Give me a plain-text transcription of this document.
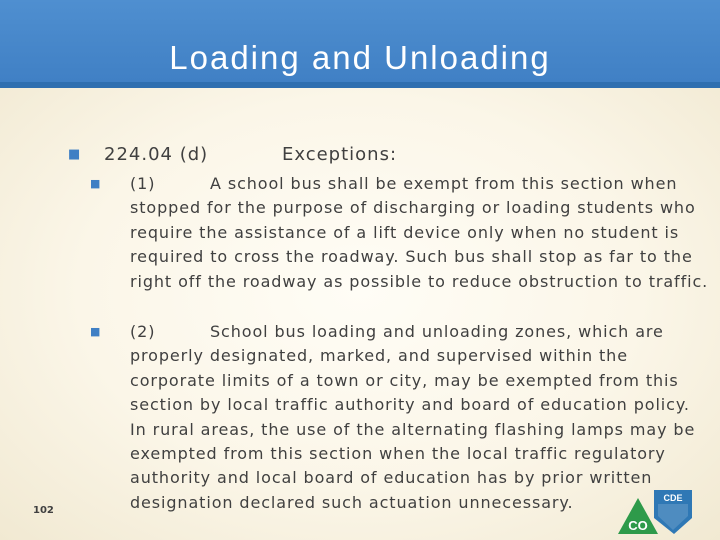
Loading and Unloading
■ 224.04 (d)	Exceptions:
■ (1)	A school bus shall be exempt from this section when stopped for the purpose of discharging or loading students who require the assistance of a lift device only when no student is required to cross the roadway. Such bus shall stop as far to the right off the roadway as possible to reduce obstruction to traffic.
■ (2)	School bus loading and unloading zones, which are properly designated, marked, and supervised within the corporate limits of a town or city, may be exempted from this section by local traffic authority and board of education policy. In rural areas, the use of the alternating flashing lamps may be exempted from this section when the local traffic regulatory authority and local board of education has by prior written designation declared such actuation unnecessary.
102
CDE
CO
